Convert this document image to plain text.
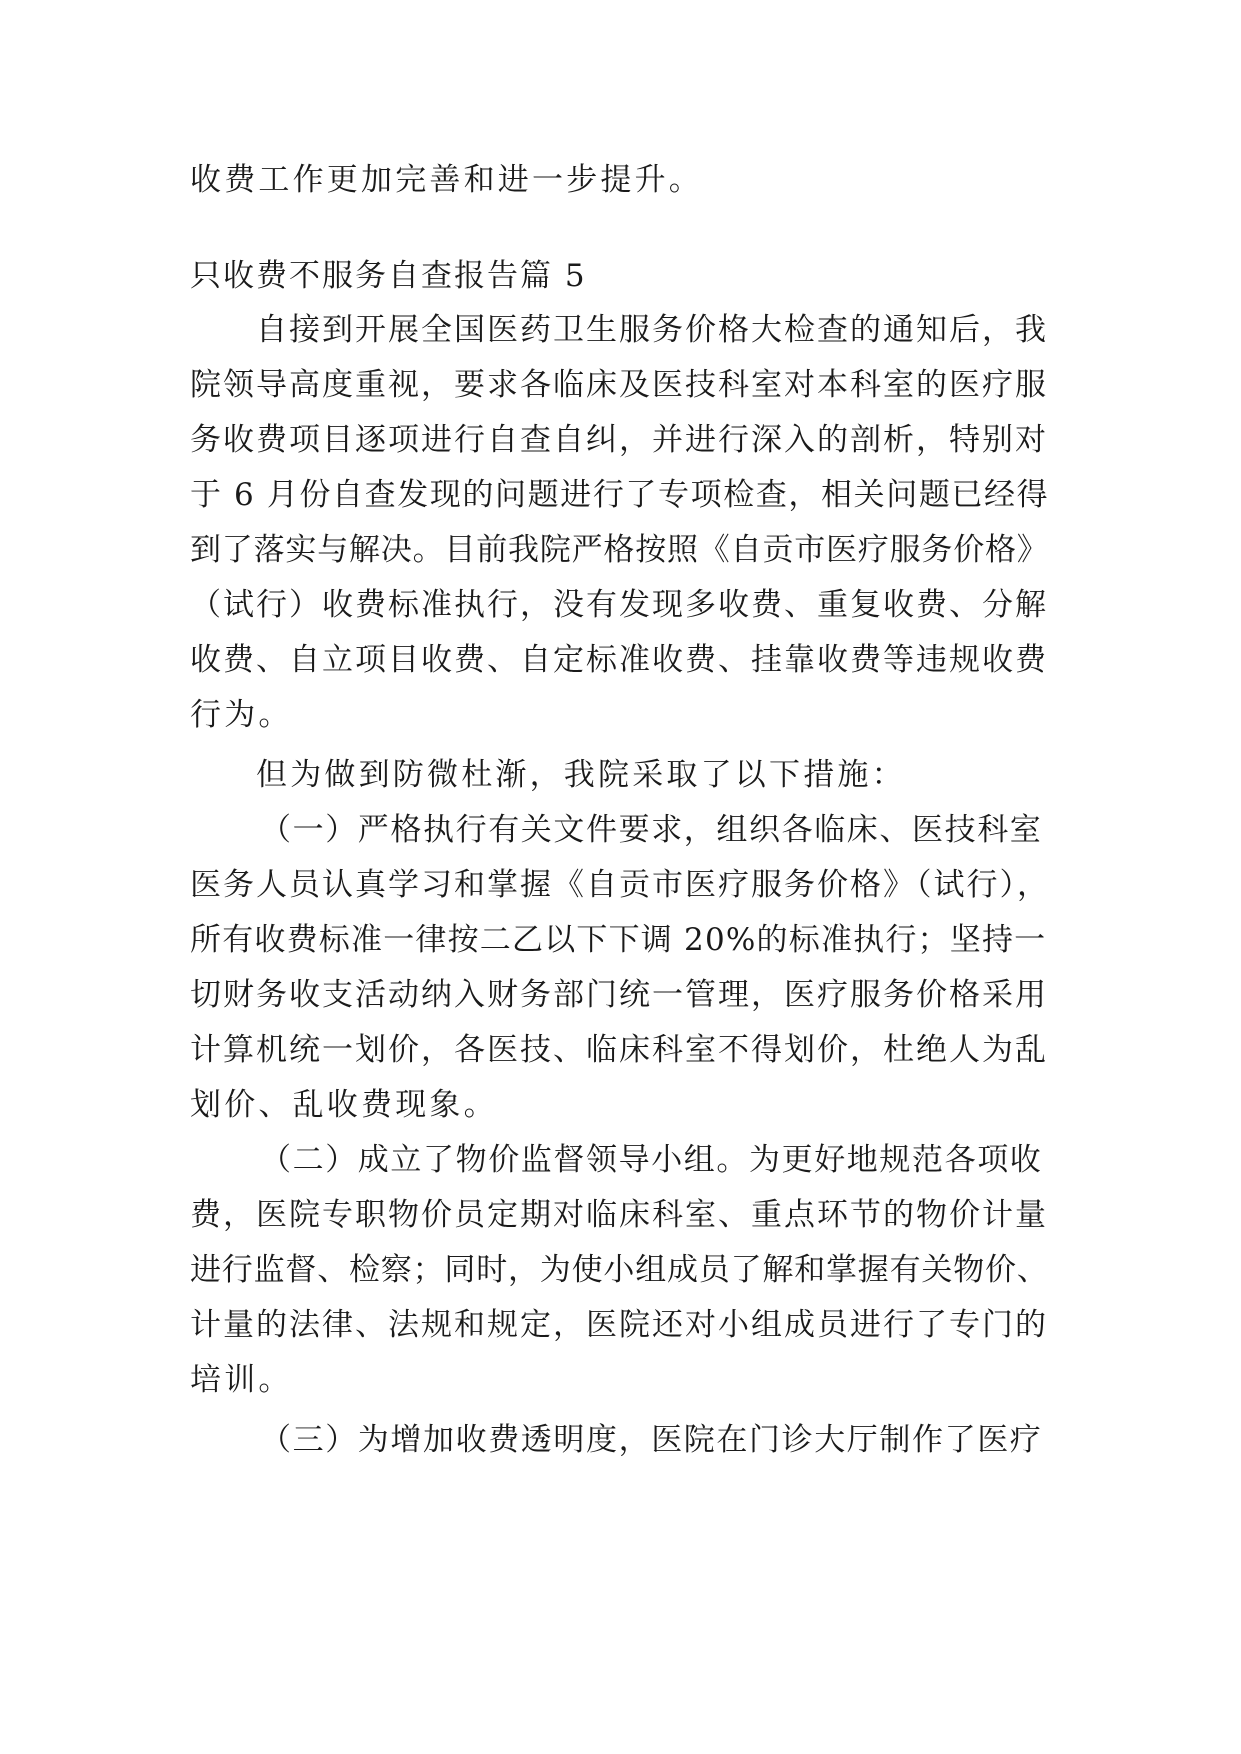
收费工作更加完善和进一步提升。
只收费不服务自查报告篇 5
自接到开展全国医药卫生服务价格大检查的通知后，我
院领导高度重视，要求各临床及医技科室对本科室的医疗服
务收费项目逐项进行自查自纠，并进行深入的剖析，特别对
于 6 月份自查发现的问题进行了专项检查，相关问题已经得
到了落实与解决。目前我院严格按照《自贡市医疗服务价格》
（试行）收费标准执行，没有发现多收费、重复收费、分解
收费、自立项目收费、自定标准收费、挂靠收费等违规收费
行为。
但为做到防微杜渐，我院采取了以下措施：
（一）严格执行有关文件要求，组织各临床、医技科室
医务人员认真学习和掌握《自贡市医疗服务价格》（试行），
所有收费标准一律按二乙以下下调 20%的标准执行；坚持一
切财务收支活动纳入财务部门统一管理，医疗服务价格采用
计算机统一划价，各医技、临床科室不得划价，杜绝人为乱
划价、乱收费现象。
（二）成立了物价监督领导小组。为更好地规范各项收
费，医院专职物价员定期对临床科室、重点环节的物价计量
进行监督、检察；同时，为使小组成员了解和掌握有关物价、
计量的法律、法规和规定，医院还对小组成员进行了专门的
培训。
（三）为增加收费透明度，医院在门诊大厅制作了医疗
